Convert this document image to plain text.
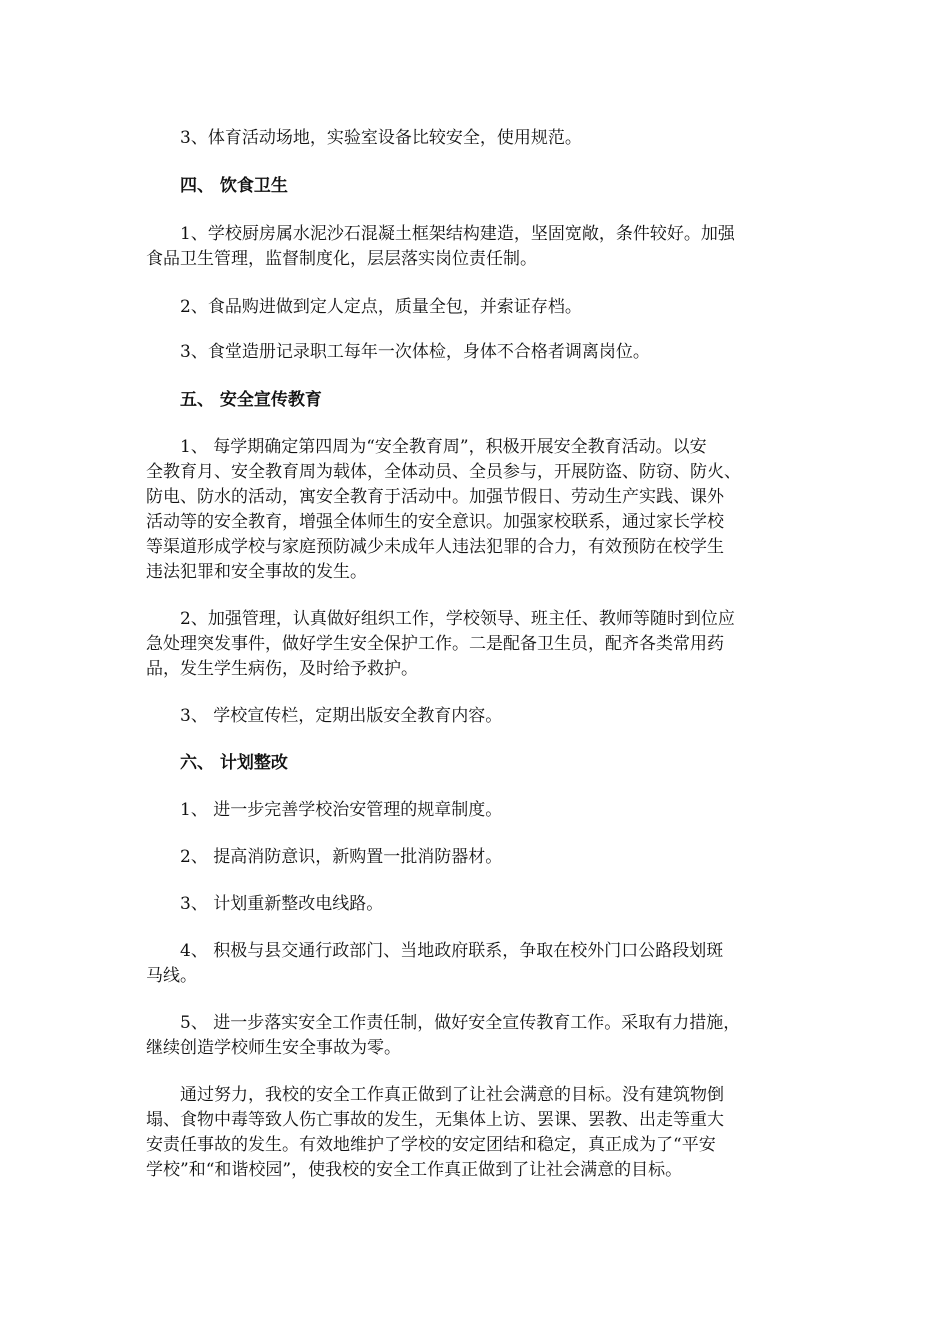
3、体育活动场地，实验室设备比较安全，使用规范。
四、 饮食卫生
1、学校厨房属水泥沙石混凝土框架结构建造，坚固宽敞，条件较好。加强
食品卫生管理，监督制度化，层层落实岗位责任制。
2、食品购进做到定人定点，质量全包，并索证存档。
3、食堂造册记录职工每年一次体检，身体不合格者调离岗位。
五、 安全宣传教育
1、 每学期确定第四周为“安全教育周”，积极开展安全教育活动。以安
全教育月、安全教育周为载体，全体动员、全员参与，开展防盗、防窃、防火、
防电、防水的活动，寓安全教育于活动中。加强节假日、劳动生产实践、课外
活动等的安全教育，增强全体师生的安全意识。加强家校联系，通过家长学校
等渠道形成学校与家庭预防减少未成年人违法犯罪的合力，有效预防在校学生
违法犯罪和安全事故的发生。
2、加强管理，认真做好组织工作，学校领导、班主任、教师等随时到位应
急处理突发事件，做好学生安全保护工作。二是配备卫生员，配齐各类常用药
品，发生学生病伤，及时给予救护。
3、 学校宣传栏，定期出版安全教育内容。
六、 计划整改
1、 进一步完善学校治安管理的规章制度。
2、 提高消防意识，新购置一批消防器材。
3、 计划重新整改电线路。
4、 积极与县交通行政部门、当地政府联系，争取在校外门口公路段划斑
马线。
5、 进一步落实安全工作责任制，做好安全宣传教育工作。采取有力措施，
继续创造学校师生安全事故为零。
通过努力，我校的安全工作真正做到了让社会满意的目标。没有建筑物倒
塌、食物中毒等致人伤亡事故的发生，无集体上访、罢课、罢教、出走等重大
安责任事故的发生。有效地维护了学校的安定团结和稳定，真正成为了“平安
学校”和“和谐校园”，使我校的安全工作真正做到了让社会满意的目标。
